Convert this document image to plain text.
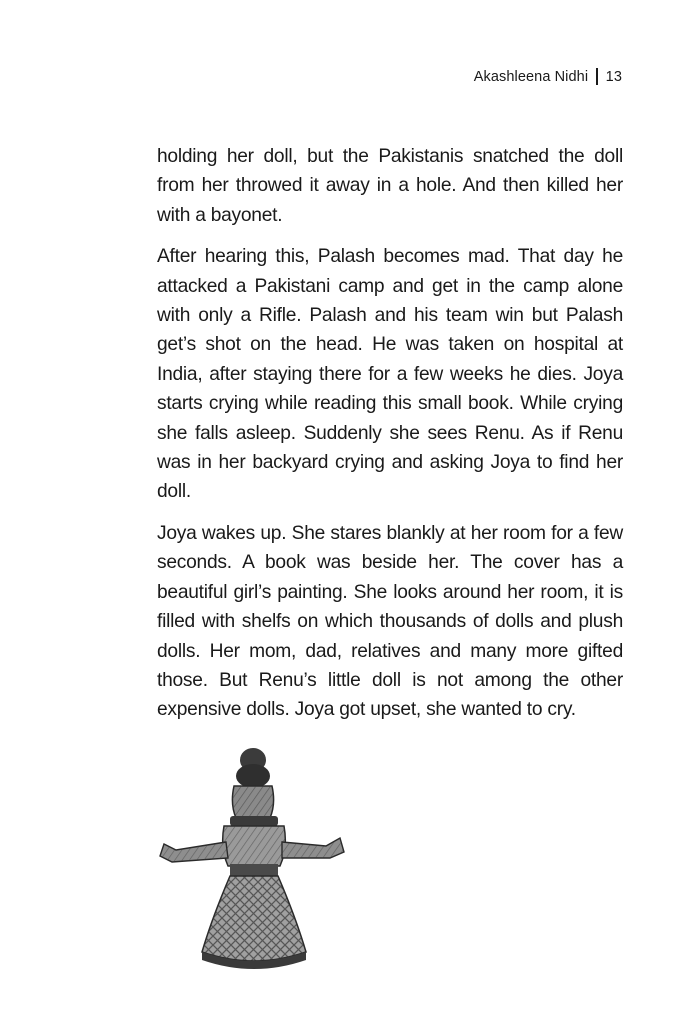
Akashleena Nidhi 13

holding her doll, but the Pakistanis snatched the doll from her throwed it away in a hole. And then killed her with a bayonet.

After hearing this, Palash becomes mad. That day he attacked a Pakistani camp and get in the camp alone with only a Rifle. Palash and his team win but Palash get’s shot on the head. He was taken on hospital at India, after staying there for a few weeks he dies. Joya starts crying while reading this small book. While crying she falls asleep. Suddenly she sees Renu. As if Renu was in her backyard crying and asking Joya to find her doll.

Joya wakes up. She stares blankly at her room for a few seconds. A book was beside her. The cover has a beautiful girl’s painting. She looks around her room, it is filled with shelfs on which thousands of dolls and plush dolls. Her mom, dad, relatives and many more gifted those. But Renu’s little doll is not among the other expensive dolls. Joya got upset, she wanted to cry.
